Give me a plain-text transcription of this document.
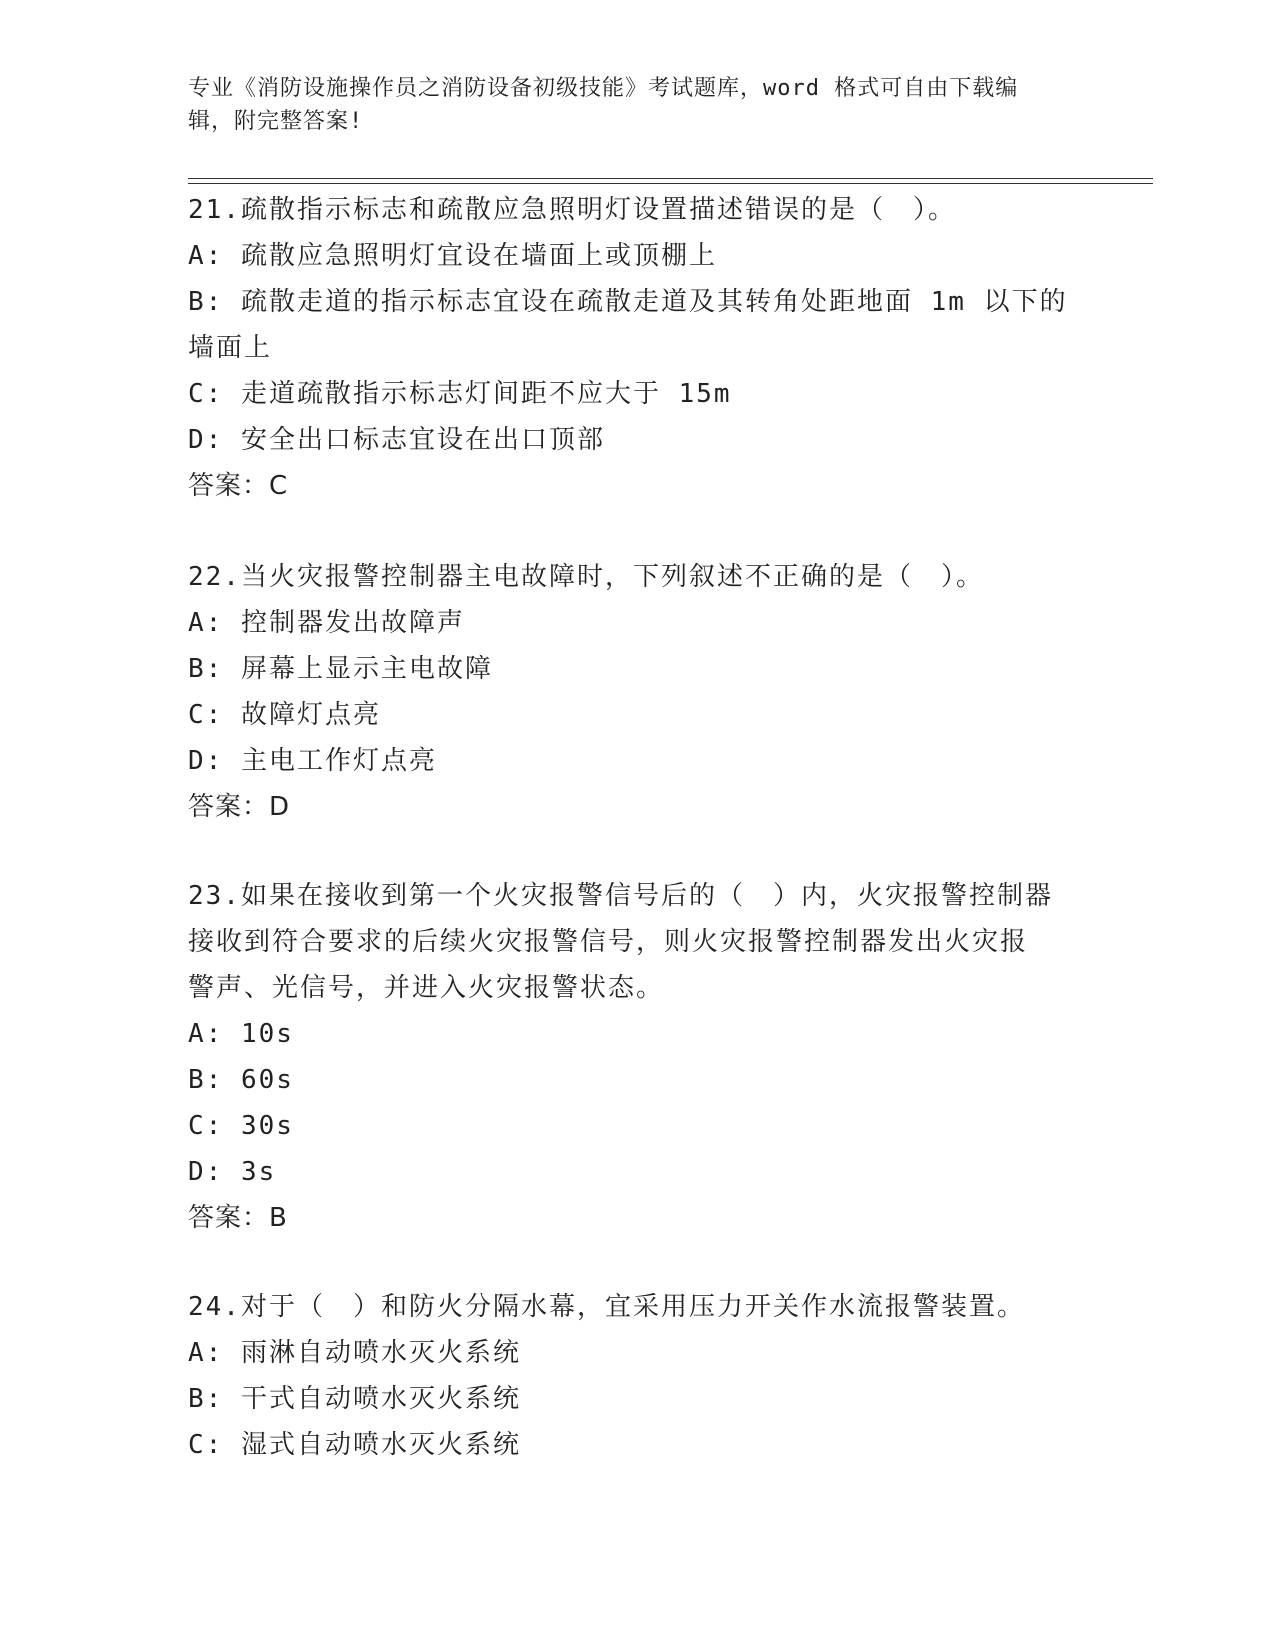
专业《消防设施操作员之消防设备初级技能》考试题库，word 格式可自由下载编
辑，附完整答案!
21.疏散指示标志和疏散应急照明灯设置描述错误的是（　）。
A: 疏散应急照明灯宜设在墙面上或顶棚上
B: 疏散走道的指示标志宜设在疏散走道及其转角处距地面 1m 以下的
墙面上
C: 走道疏散指示标志灯间距不应大于 15m
D: 安全出口标志宜设在出口顶部
答案：C
22.当火灾报警控制器主电故障时，下列叙述不正确的是（　）。
A: 控制器发出故障声
B: 屏幕上显示主电故障
C: 故障灯点亮
D: 主电工作灯点亮
答案：D
23.如果在接收到第一个火灾报警信号后的（　）内，火灾报警控制器
接收到符合要求的后续火灾报警信号，则火灾报警控制器发出火灾报
警声、光信号，并进入火灾报警状态。
A: 10s
B: 60s
C: 30s
D: 3s
答案：B
24.对于（　）和防火分隔水幕，宜采用压力开关作水流报警装置。
A: 雨淋自动喷水灭火系统
B: 干式自动喷水灭火系统
C: 湿式自动喷水灭火系统
